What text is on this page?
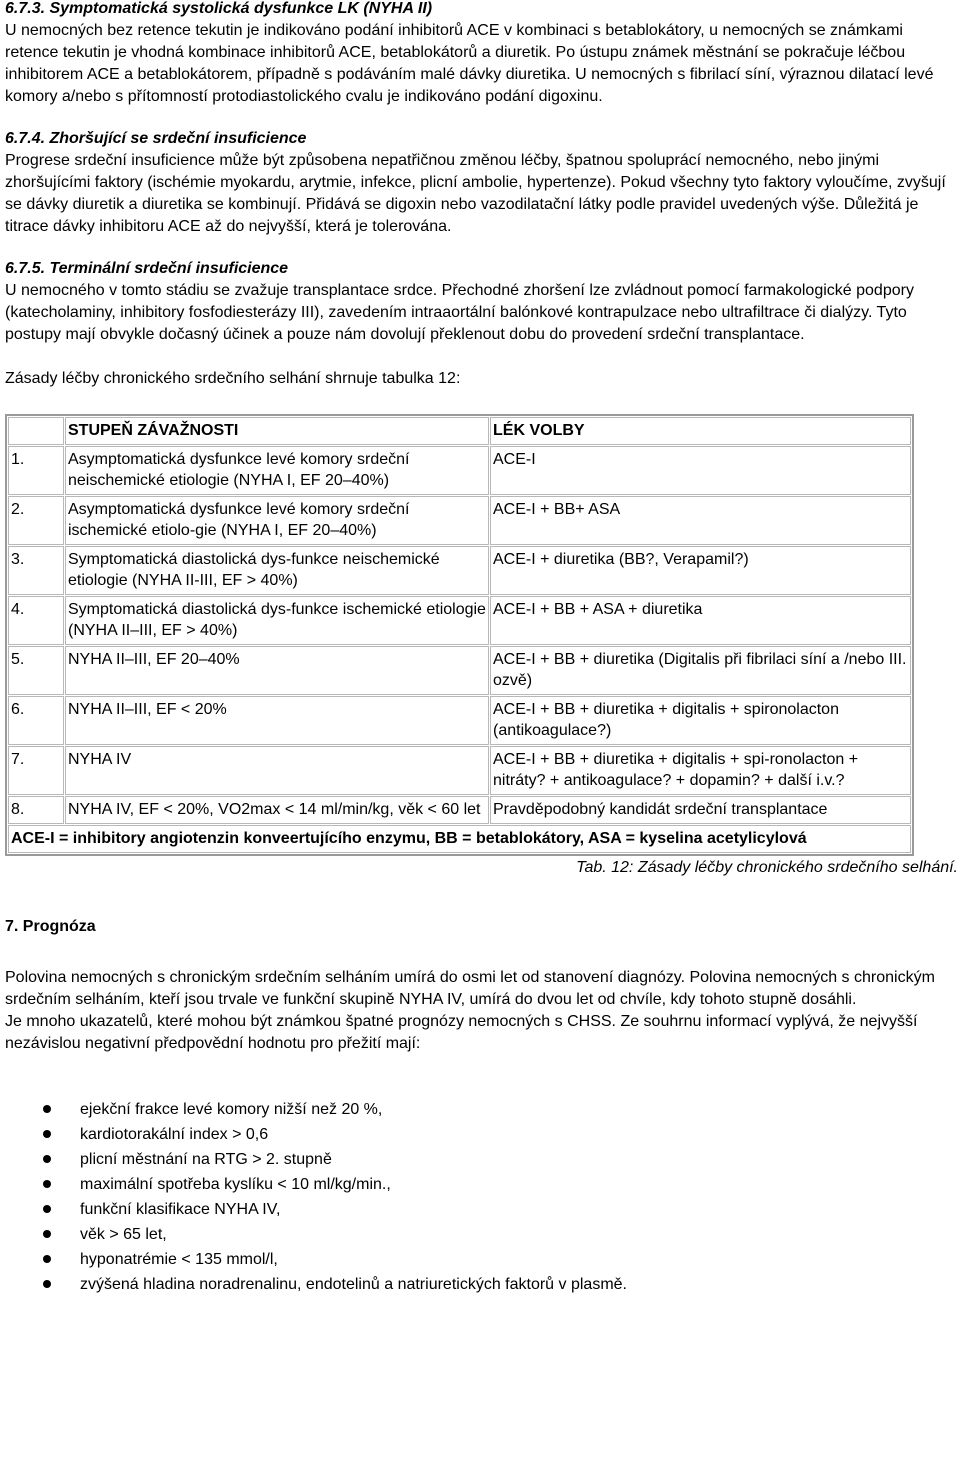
6.7.3. Symptomatická systolická dysfunkce LK (NYHA II)

U nemocných bez retence tekutin je indikováno podání inhibitorů ACE v kombinaci s betablokátory, u nemocných se známkami retence tekutin je vhodná kombinace inhibitorů ACE, betablokátorů a diuretik. Po ústupu známek městnání se pokračuje léčbou inhibitorem ACE a betablokátorem, případně s podáváním malé dávky diuretika. U nemocných s fibrilací síní, výraznou dilatací levé komory a/nebo s přítomností protodiastolického cvalu je indikováno podání digoxinu.

6.7.4. Zhoršující se srdeční insuficience

Progrese srdeční insuficience může být způsobena nepatřičnou změnou léčby, špatnou spoluprácí nemocného, nebo jinými zhoršujícími faktory (ischémie myokardu, arytmie, infekce, plicní ambolie, hypertenze). Pokud všechny tyto faktory vyloučíme, zvyšují se dávky diuretik a diuretika se kombinují. Přidává se digoxin nebo vazodilatační látky podle pravidel uvedených výše. Důležitá je titrace dávky inhibitoru ACE až do nejvyšší, která je tolerována.

6.7.5. Terminální srdeční insuficience

U nemocného v tomto stádiu se zvažuje transplantace srdce. Přechodné zhoršení lze zvládnout pomocí farmakologické podpory (katecholaminy, inhibitory fosfodiesterázy III), zavedením intraaortální balónkové kontrapulzace nebo ultrafiltrace či dialýzy. Tyto postupy mají obvykle dočasný účinek a pouze nám dovolují překlenout dobu do provedení srdeční transplantace.

Zásady léčby chronického srdečního selhání shrnuje tabulka 12:

	STUPEŇ ZÁVAŽNOSTI	LÉK VOLBY
1.	Asymptomatická dysfunkce levé komory srdeční neischemické etiologie (NYHA I, EF 20–40%)	ACE-I
2.	Asymptomatická dysfunkce levé komory srdeční ischemické etiolo-gie (NYHA I, EF 20–40%)	ACE-I + BB+ ASA
3.	Symptomatická diastolická dys-funkce neischemické etiologie (NYHA II-III, EF > 40%)	ACE-I + diuretika (BB?, Verapamil?)
4.	Symptomatická diastolická dys-funkce ischemické etiologie (NYHA II–III, EF > 40%)	ACE-I + BB + ASA + diuretika
5.	NYHA II–III, EF 20–40%	ACE-I + BB + diuretika (Digitalis při fibrilaci síní a /nebo III. ozvě)
6.	NYHA II–III, EF < 20%	ACE-I + BB + diuretika + digitalis + spironolacton (antikoagulace?)
7.	NYHA IV	ACE-I + BB + diuretika + digitalis + spi-ronolacton + nitráty? + antikoagulace? + dopamin? + další i.v.?
8.	NYHA IV, EF < 20%, VO2max < 14 ml/min/kg, věk < 60 let	Pravděpodobný kandidát srdeční transplantace
ACE-I = inhibitory angiotenzin konveertujícího enzymu, BB = betablokátory, ASA = kyselina acetylicylová		
Tab. 12: Zásady léčby chronického srdečního selhání.
7. Prognóza

Polovina nemocných s chronickým srdečním selháním umírá do osmi let od stanovení diagnózy. Polovina nemocných s chronickým srdečním selháním, kteří jsou trvale ve funkční skupině NYHA IV, umírá do dvou let od chvíle, kdy tohoto stupně dosáhli.

Je mnoho ukazatelů, které mohou být známkou špatné prognózy nemocných s CHSS. Ze souhrnu informací vyplývá, že nejvyšší nezávislou negativní předpovědní hodnotu pro přežití mají:

ejekční frakce levé komory nižší než 20 %,
kardiotorakální index > 0,6
plicní městnání na RTG > 2. stupně
maximální spotřeba kyslíku < 10 ml/kg/min.,
funkční klasifikace NYHA IV,
věk > 65 let,
hyponatrémie < 135 mmol/l,
zvýšená hladina noradrenalinu, endotelinů a natriuretických faktorů v plasmě.
